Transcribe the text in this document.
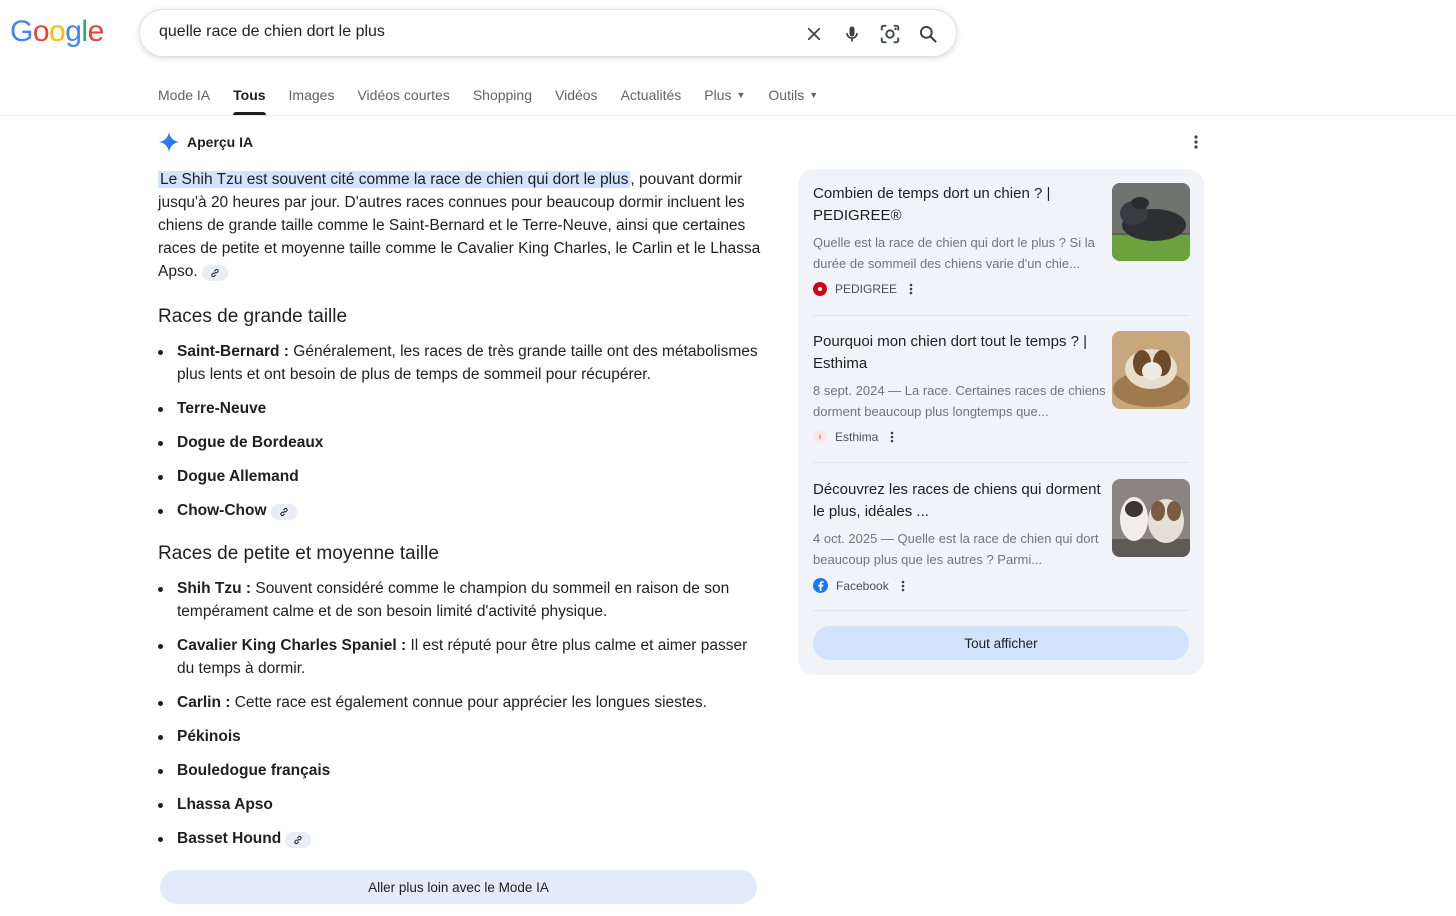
Google
quelle race de chien dort le plus
Mode IA Tous Images Vidéos courtes Shopping Vidéos Actualités Plus ▼ Outils ▼
Aperçu IA

Le Shih Tzu est souvent cité comme la race de chien qui dort le plus , pouvant dormir jusqu'à 20 heures par jour. D'autres races connues pour beaucoup dormir incluent les chiens de grande taille comme le Saint-Bernard et le Terre-Neuve, ainsi que certaines races de petite et moyenne taille comme le Cavalier King Charles, le Carlin et le Lhassa Apso.

Races de grande taille
Saint-Bernard : Généralement, les races de très grande taille ont des métabolismes plus lents et ont besoin de plus de temps de sommeil pour récupérer.
Terre-Neuve
Dogue de Bordeaux
Dogue Allemand
Chow-Chow
Races de petite et moyenne taille
Shih Tzu : Souvent considéré comme le champion du sommeil en raison de son tempérament calme et de son besoin limité d'activité physique.
Cavalier King Charles Spaniel : Il est réputé pour être plus calme et aimer passer du temps à dormir.
Carlin : Cette race est également connue pour apprécier les longues siestes.
Pékinois
Bouledogue français
Lhassa Apso
Basset Hound
Aller plus loin avec le Mode IA
Combien de temps dort un chien ? | PEDIGREE®
Quelle est la race de chien qui dort le plus ? Si la durée de sommeil des chiens varie d'un chie...
PEDIGREE
Pourquoi mon chien dort tout le temps ? | Esthima
8 sept. 2024 — La race. Certaines races de chiens dorment beaucoup plus longtemps que...
Esthima
Découvrez les races de chiens qui dorment le plus, idéales ...
4 oct. 2025 — Quelle est la race de chien qui dort beaucoup plus que les autres ? Parmi...
Facebook
Tout afficher
